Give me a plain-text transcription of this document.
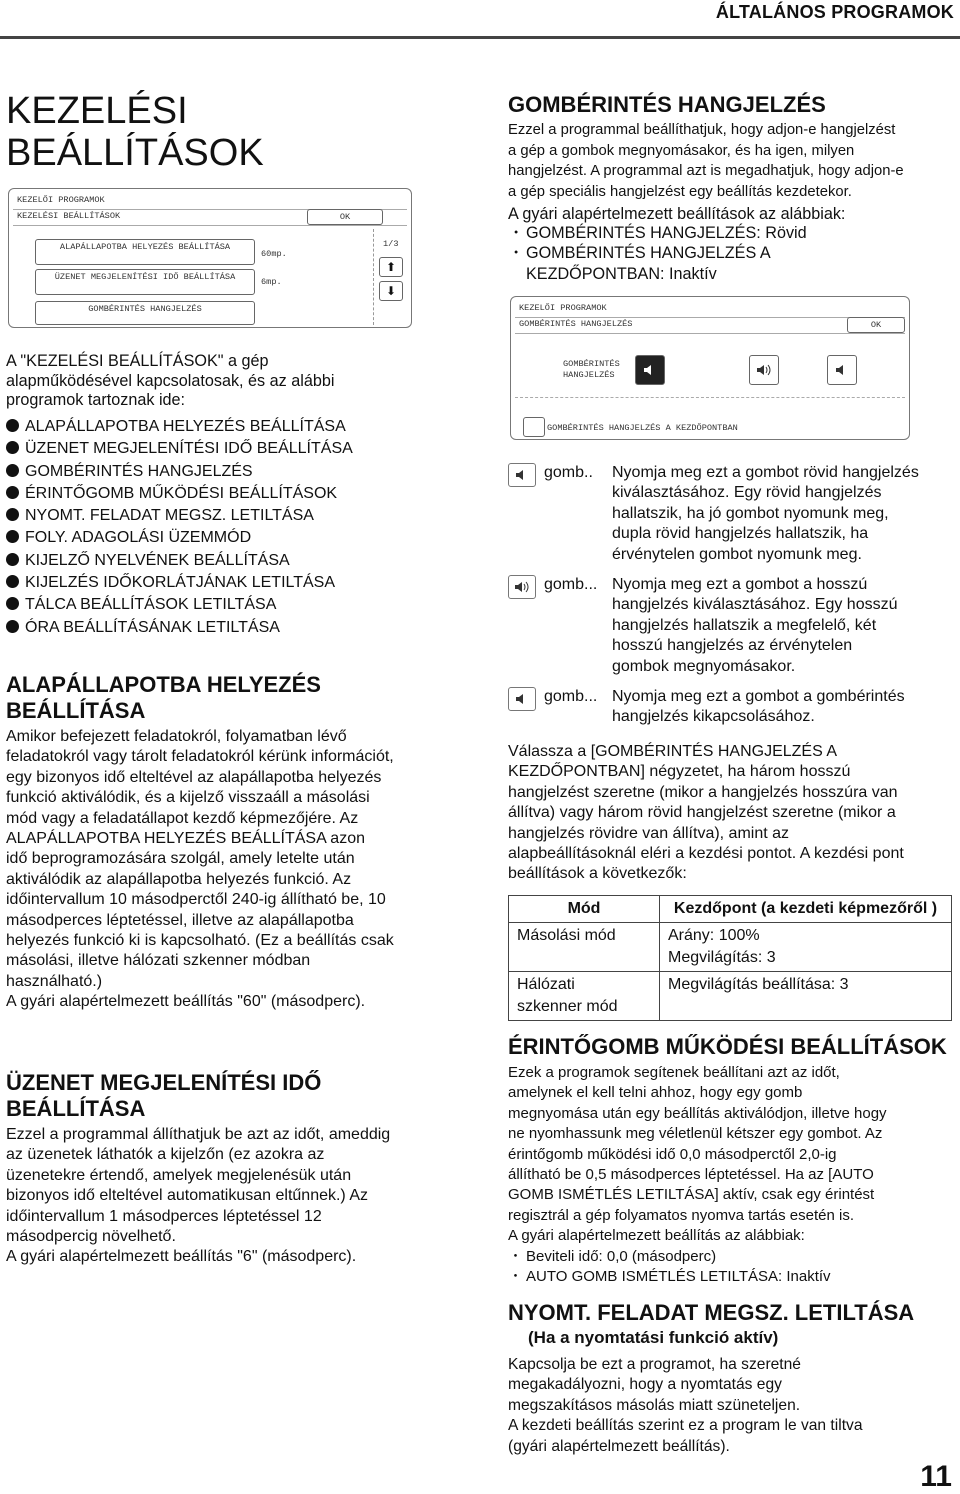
ÁLTALÁNOS PROGRAMOK
KEZELÉSI
BEÁLLÍTÁSOK
KEZELŐI PROGRAMOK
KEZELÉSI BEÁLLÍTÁSOK	OK
ALAPÁLLAPOTBA HELYEZÉS BEÁLLÍTÁSA
60mp.
ÜZENET MEGJELENÍTÉSI IDŐ BEÁLLÍTÁSA	6mp.
GOMBÉRINTÉS HANGJELZÉS
1/3
⬆
⬇
A "KEZELÉSI BEÁLLÍTÁSOK" a gép alapműködésével kapcsolatosak, és az alábbi programok tartoznak ide:
ALAPÁLLAPOTBA HELYEZÉS BEÁLLÍTÁSA
ÜZENET MEGJELENÍTÉSI IDŐ BEÁLLÍTÁSA
GOMBÉRINTÉS HANGJELZÉS
ÉRINTŐGOMB MŰKÖDÉSI BEÁLLÍTÁSOK
NYOMT. FELADAT MEGSZ. LETILTÁSA
FOLY. ADAGOLÁSI ÜZEMMÓD
KIJELZŐ NYELVÉNEK BEÁLLÍTÁSA
KIJELZÉS IDŐKORLÁTJÁNAK LETILTÁSA
TÁLCA BEÁLLÍTÁSOK LETILTÁSA
ÓRA BEÁLLÍTÁSÁNAK LETILTÁSA
ALAPÁLLAPOTBA HELYEZÉS
BEÁLLÍTÁSA
Amikor befejezett feladatokról, folyamatban lévő
feladatokról vagy tárolt feladatokról kérünk információt,
egy bizonyos idő elteltével az alapállapotba helyezés
funkció aktiválódik, és a kijelző visszaáll a másolási
mód vagy a feladatállapot kezdő képmezőjére. Az
ALAPÁLLAPOTBA HELYEZÉS BEÁLLÍTÁSA azon
idő beprogramozására szolgál, amely letelte után
aktiválódik az alapállapotba helyezés funkció. Az
időintervallum 10 másodperctől 240-ig állítható be, 10
másodperces léptetéssel, illetve az alapállapotba
helyezés funkció ki is kapcsolható. (Ez a beállítás csak
másolási, illetve hálózati szkenner módban
használható.)
A gyári alapértelmezett beállítás "60" (másodperc).
ÜZENET MEGJELENÍTÉSI IDŐ
BEÁLLÍTÁSA
Ezzel a programmal állíthatjuk be azt az időt, ameddig
az üzenetek láthatók a kijelzőn (ez azokra az
üzenetekre értendő, amelyek megjelenésük után
bizonyos idő elteltével automatikusan eltűnnek.) Az
időintervallum 1 másodperces léptetéssel 12
másodpercig növelhető.
A gyári alapértelmezett beállítás "6" (másodperc).
GOMBÉRINTÉS HANGJELZÉS
Ezzel a programmal beállíthatjuk, hogy adjon-e hangjelzést
a gép a gombok megnyomásakor, és ha igen, milyen
hangjelzést. A programmal azt is megadhatjuk, hogy adjon-e
a gép speciális hangjelzést egy beállítás kezdetekor.
A gyári alapértelmezett beállítások az alábbiak:
・ GOMBÉRINTÉS HANGJELZÉS: Rövid
・ GOMBÉRINTÉS HANGJELZÉS A
KEZDŐPONTBAN: Inaktív
KEZELŐI PROGRAMOK
GOMBÉRINTÉS HANGJELZÉS	OK
GOMBÉRINTÉS HANGJELZÉS
GOMBÉRINTÉS HANGJELZÉS A KEZDŐPONTBAN
gomb.. Nyomja meg ezt a gombot rövid hangjelzés
kiválasztásához. Egy rövid hangjelzés
hallatszik, ha jó gombot nyomunk meg,
dupla rövid hangjelzés hallatszik, ha
érvénytelen gombot nyomunk meg.
gomb... Nyomja meg ezt a gombot a hosszú
hangjelzés kiválasztásához. Egy hosszú
hangjelzés hallatszik a megfelelő, két
hosszú hangjelzés az érvénytelen
gombok megnyomásakor.
gomb... Nyomja meg ezt a gombot a gombérintés
hangjelzés kikapcsolásához.
Válassza a [GOMBÉRINTÉS HANGJELZÉS A
KEZDŐPONTBAN] négyzetet, ha három hosszú
hangjelzést szeretne (mikor a hangjelzés hosszúra van
állítva) vagy három rövid hangjelzést szeretne (mikor a
hangjelzés rövidre van állítva), amint az
alapbeállításoknál eléri a kezdési pontot. A kezdési pont
beállítások a következők:
Mód	Kezdőpont (a kezdeti képmezőről )
Másolási mód	Arány: 100%
Megvilágítás: 3

Hálózati
szkenner mód	Megvilágítás beállítása: 3
ÉRINTŐGOMB MŰKÖDÉSI BEÁLLÍTÁSOK
Ezek a programok segítenek beállítani azt az időt,
amelynek el kell telni ahhoz, hogy egy gomb
megnyomása után egy beállítás aktiválódjon, illetve hogy
ne nyomhassunk meg véletlenül kétszer egy gombot. Az
érintőgomb működési idő 0,0 másodperctől 2,0-ig
állítható be 0,5 másodperces léptetéssel. Ha az [AUTO
GOMB ISMÉTLÉS LETILTÁSA] aktív, csak egy érintést
regisztrál a gép folyamatos nyomva tartás esetén is.
A gyári alapértelmezett beállítás az alábbiak:
・ Beviteli idő: 0,0 (másodperc)
・ AUTO GOMB ISMÉTLÉS LETILTÁSA: Inaktív
NYOMT. FELADAT MEGSZ. LETILTÁSA
(Ha a nyomtatási funkció aktív)
Kapcsolja be ezt a programot, ha szeretné
megakadályozni, hogy a nyomtatás egy
megszakításos másolás miatt szüneteljen.
A kezdeti beállítás szerint ez a program le van tiltva
(gyári alapértelmezett beállítás).
11
